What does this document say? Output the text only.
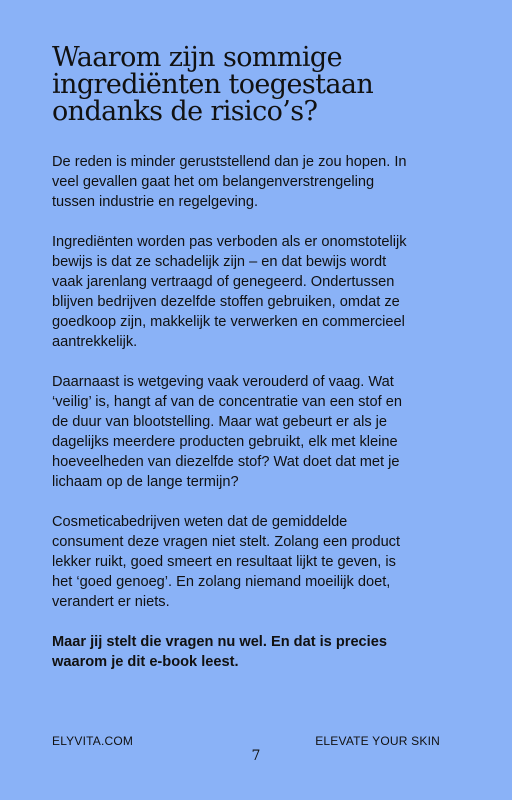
Waarom zijn sommige
ingrediënten toegestaan
ondanks de risico’s?

De reden is minder geruststellend dan je zou hopen. In
veel gevallen gaat het om belangenverstrengeling
tussen industrie en regelgeving.

Ingrediënten worden pas verboden als er onomstotelijk
bewijs is dat ze schadelijk zijn – en dat bewijs wordt
vaak jarenlang vertraagd of genegeerd. Ondertussen
blijven bedrijven dezelfde stoffen gebruiken, omdat ze
goedkoop zijn, makkelijk te verwerken en commercieel
aantrekkelijk.

Daarnaast is wetgeving vaak verouderd of vaag. Wat
‘veilig’ is, hangt af van de concentratie van een stof en
de duur van blootstelling. Maar wat gebeurt er als je
dagelijks meerdere producten gebruikt, elk met kleine
hoeveelheden van diezelfde stof? Wat doet dat met je
lichaam op de lange termijn?

Cosmeticabedrijven weten dat de gemiddelde
consument deze vragen niet stelt. Zolang een product
lekker ruikt, goed smeert en resultaat lijkt te geven, is
het ‘goed genoeg’. En zolang niemand moeilijk doet,
verandert er niets.

Maar jij stelt die vragen nu wel. En dat is precies
waarom je dit e-book leest.

ELYVITA.COM	ELEVATE YOUR SKIN
7
